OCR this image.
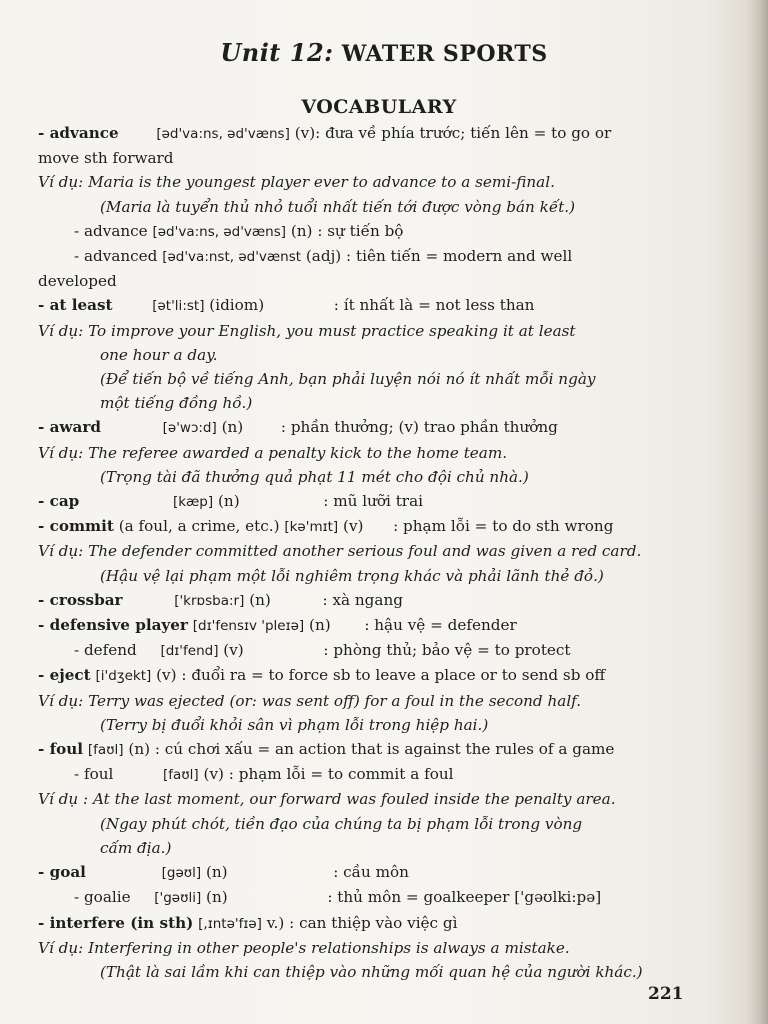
Unit 12: WATER SPORTS
VOCABULARY
- advance	[əd'va:ns, əd'væns] (v): đưa về phía trước; tiến lên = to go or
move sth forward
Ví dụ: Maria is the youngest player ever to advance to a semi-final.
(Maria là tuyển thủ nhỏ tuổi nhất tiến tới được vòng bán kết.)
- advance [əd'va:ns, əd'væns] (n) : sự tiến bộ
- advanced [əd'va:nst, əd'vænst (adj) : tiên tiến = modern and well
developed
- at least	[ət'li:st] (idiom)	: ít nhất là = not less than
Ví dụ: To improve your English, you must practice speaking it at least
one hour a day.
(Để tiến bộ về tiếng Anh, bạn phải luyện nói nó ít nhất mỗi ngày
một tiếng đồng hồ.)
- award	[ə'wɔ:d] (n) : phần thưởng; (v) trao phần thưởng
Ví dụ: The referee awarded a penalty kick to the home team.
(Trọng tài đã thưởng quả phạt 11 mét cho đội chủ nhà.)
- cap	[kæp] (n)	: mũ lưỡi trai
- commit (a foul, a crime, etc.) [kə'mɪt] (v) : phạm lỗi = to do sth wrong
Ví dụ: The defender committed another serious foul and was given a red card.
(Hậu vệ lại phạm một lỗi nghiêm trọng khác và phải lãnh thẻ đỏ.)
- crossbar	['krɒsba:r] (n)	: xà ngang
- defensive player [dɪ'fensɪv 'pleɪə] (n) : hậu vệ = defender
- defend [dɪ'fend] (v)	: phòng thủ; bảo vệ = to protect
- eject [i'dʒekt] (v) : đuổi ra = to force sb to leave a place or to send sb off
Ví dụ: Terry was ejected (or: was sent off) for a foul in the second half.
(Terry bị đuổi khỏi sân vì phạm lỗi trong hiệp hai.)
- foul [faʊl] (n) : cú chơi xấu = an action that is against the rules of a game
- foul	[faʊl] (v) : phạm lỗi = to commit a foul
Ví dụ : At the last moment, our forward was fouled inside the penalty area.
(Ngay phút chót, tiền đạo của chúng ta bị phạm lỗi trong vòng
cấm địa.)
- goal	[gəʊl] (n)	: cầu môn
- goalie ['gəʊli] (n)	: thủ môn = goalkeeper ['gəʊlki:pə]
- interfere (in sth) [,ɪntə'fɪə] v.) : can thiệp vào việc gì
Ví dụ: Interfering in other people's relationships is always a mistake.
(Thật là sai lầm khi can thiệp vào những mối quan hệ của người khác.)
221
